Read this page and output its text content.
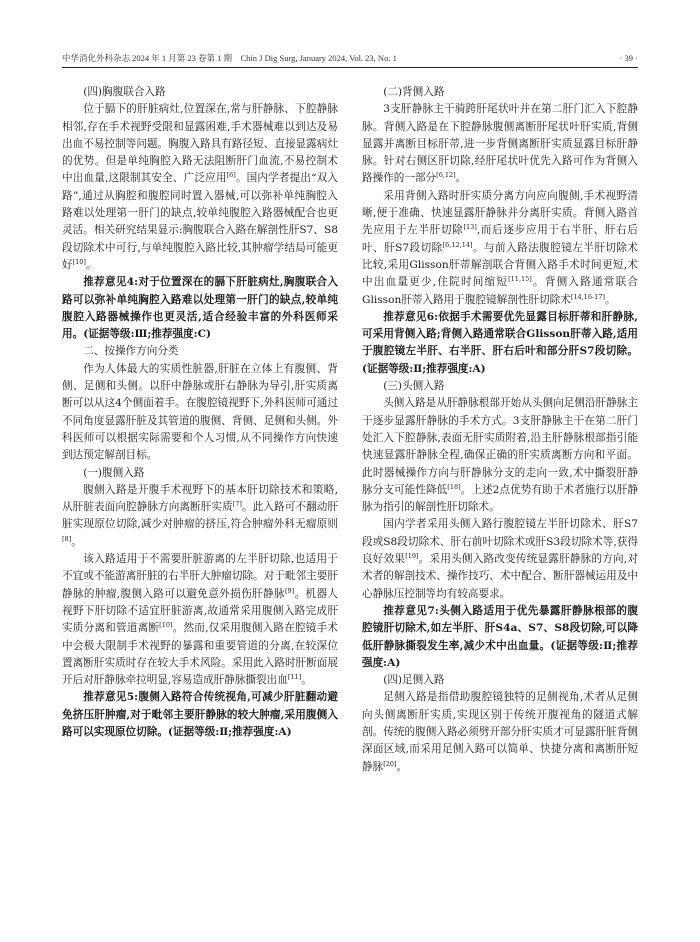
中华消化外科杂志 2024 年 1 月第 23 卷第 1 期　Chin J Dig Surg, January 2024, Vol. 23, No. 1	· 39 ·

(四)胸腹联合入路

位于膈下的肝脏病灶,位置深在,常与肝静脉、下腔静脉相邻,存在手术视野受限和显露困难,手术器械难以到达及易出血不易控制等问题。胸腹入路具有路径短、直接显露病灶的优势。但是单纯胸腔入路无法阻断肝门血流,不易控制术中出血量,这限制其安全、广泛应用[6]。国内学者提出“双入路”,通过从胸腔和腹腔同时置入器械,可以弥补单纯胸腔入路难以处理第一肝门的缺点,较单纯腹腔入路器械配合也更灵活。相关研究结果显示:胸腹联合入路在解剖性肝S7、S8段切除术中可行,与单纯腹腔入路比较,其肿瘤学结局可能更好[10]。

推荐意见4:对于位置深在的膈下肝脏病灶,胸腹联合入路可以弥补单纯胸腔入路难以处理第一肝门的缺点,较单纯腹腔入路器械操作也更灵活,适合经验丰富的外科医师采用。(证据等级:Ⅲ;推荐强度:C)

二、按操作方向分类

作为人体最大的实质性脏器,肝脏在立体上有腹侧、背侧、足侧和头侧。以肝中静脉或肝右静脉为导引,肝实质离断可以从这4个侧面着手。在腹腔镜视野下,外科医师可通过不同角度显露肝脏及其管道的腹侧、背侧、足侧和头侧。外科医师可以根据实际需要和个人习惯,从不同操作方向快速到达预定解剖目标。

(一)腹侧入路

腹侧入路是开腹手术视野下的基本肝切除技术和策略,从肝脏表面向腔静脉方向离断肝实质[7]。此入路可不翻动肝脏实现原位切除,减少对肿瘤的挤压,符合肿瘤外科无瘤原则[8]。

该入路适用于不需要肝脏游离的左半肝切除,也适用于不宜或不能游离肝脏的右半肝大肿瘤切除。对于毗邻主要肝静脉的肿瘤,腹侧入路可以避免意外损伤肝静脉[9]。机器人视野下肝切除不适宜肝脏游离,故通常采用腹侧入路完成肝实质分离和管道离断[10]。然而,仅采用腹侧入路在腔镜手术中会极大限制手术视野的暴露和重要管道的分离,在较深位置离断肝实质时存在较大手术风险。采用此入路时肝断面展开后对肝静脉牵拉明显,容易造成肝静脉撕裂出血[11]。

推荐意见5:腹侧入路符合传统视角,可减少肝脏翻动避免挤压肝肿瘤,对于毗邻主要肝静脉的较大肿瘤,采用腹侧入路可以实现原位切除。(证据等级:Ⅱ;推荐强度:A)

(二)背侧入路

3支肝静脉主干骑跨肝尾状叶并在第二肝门汇入下腔静脉。背侧入路是在下腔静脉腹侧离断肝尾状叶肝实质,背侧显露并离断目标肝蒂,进一步背侧离断肝实质显露目标肝静脉。针对右侧区肝切除,经肝尾状叶优先入路可作为背侧入路操作的一部分[6,12]。

采用背侧入路时肝实质分离方向应向腹侧,手术视野清晰,便于准确、快速显露肝静脉并分离肝实质。背侧入路首先应用于左半肝切除[13],而后逐步应用于右半肝、肝右后叶、肝S7段切除[6,12,14]。与前入路法腹腔镜左半肝切除术比较,采用Glisson肝蒂解剖联合背侧入路手术时间更短,术中出血量更少,住院时间缩短[11,15]。背侧入路通常联合Glisson肝蒂入路用于腹腔镜解剖性肝切除术[14,16-17]。

推荐意见6:依据手术需要优先显露目标肝蒂和肝静脉,可采用背侧入路;背侧入路通常联合Glisson肝蒂入路,适用于腹腔镜左半肝、右半肝、肝右后叶和部分肝S7段切除。(证据等级:Ⅱ;推荐强度:A)

(三)头侧入路

头侧入路是从肝静脉根部开始从头侧向足侧沿肝静脉主干逐步显露肝静脉的手术方式。3支肝静脉主干在第二肝门处汇入下腔静脉,表面无肝实质附着,沿主肝静脉根部指引能快速显露肝静脉全程,确保正确的肝实质离断方向和平面。此时器械操作方向与肝静脉分支的走向一致,术中撕裂肝静脉分支可能性降低[18]。上述2点优势有助于术者施行以肝静脉为指引的解剖性肝切除术。

国内学者采用头侧入路行腹腔镜左半肝切除术、肝S7段或S8段切除术、肝右前叶切除术或肝S3段切除术等,获得良好效果[19]。采用头侧入路改变传统显露肝静脉的方向,对术者的解剖技术、操作技巧、术中配合、断肝器械运用及中心静脉压控制等均有较高要求。

推荐意见7:头侧入路适用于优先暴露肝静脉根部的腹腔镜肝切除术,如左半肝、肝S4a、S7、S8段切除,可以降低肝静脉撕裂发生率,减少术中出血量。(证据等级:Ⅱ;推荐强度:A)

(四)足侧入路

足侧入路是指借助腹腔镜独特的足侧视角,术者从足侧向头侧离断肝实质,实现区别于传统开腹视角的隧道式解剖。传统的腹侧入路必须劈开部分肝实质才可显露肝脏背侧深面区域,而采用足侧入路可以简单、快捷分离和离断肝短静脉[20]。
